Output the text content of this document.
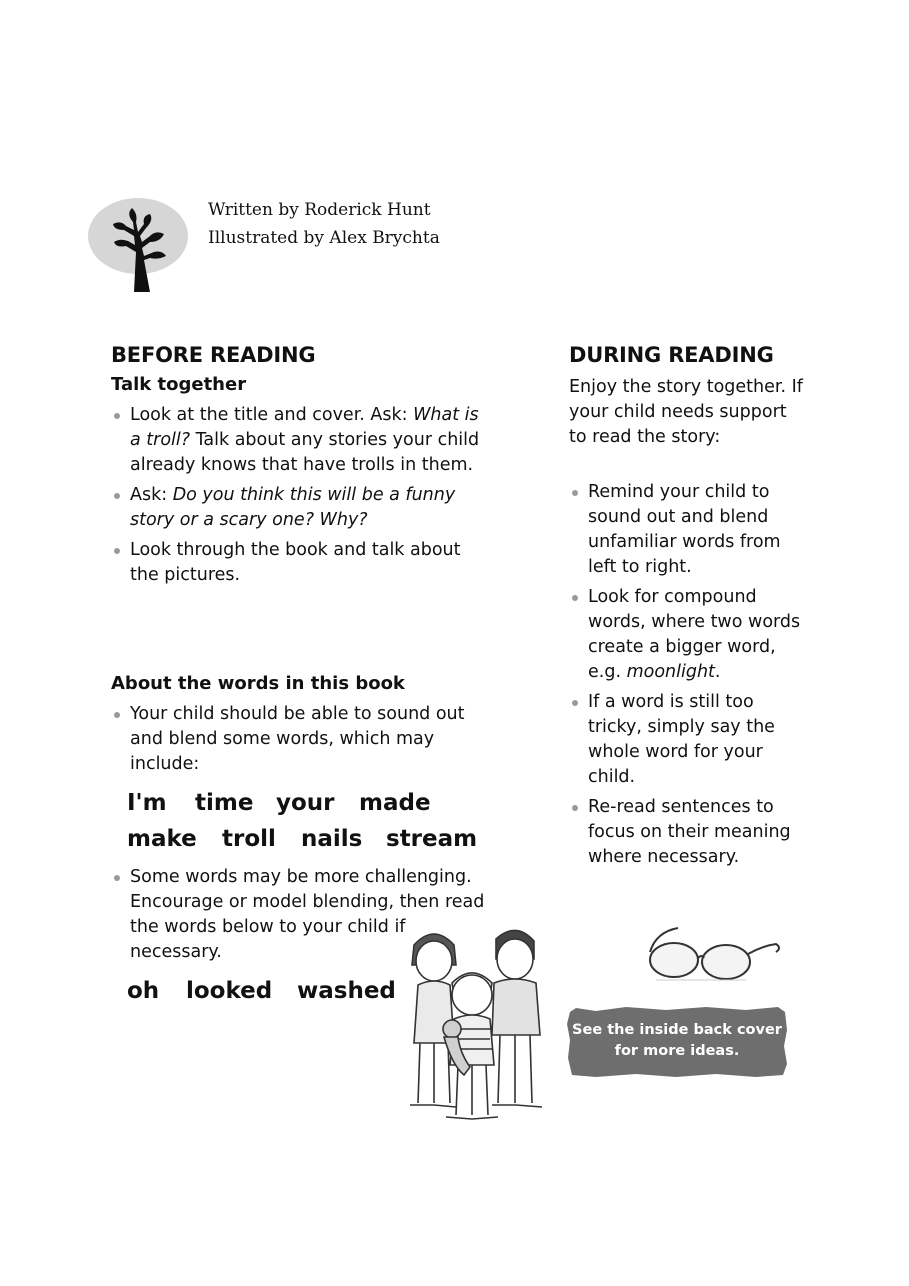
Written by Roderick Hunt
Illustrated by Alex Brychta
BEFORE READING
Talk together
Look at the title and cover. Ask: What is a troll? Talk about any stories your child already knows that have trolls in them.
Ask: Do you think this will be a funny story or a scary one? Why?
Look through the book and talk about the pictures.
About the words in this book
Your child should be able to sound out and blend some words, which may include:
I'm time your made
make troll nails stream
Some words may be more challenging. Encourage or model blending, then read the words below to your child if necessary.
oh looked washed
DURING READING
Enjoy the story together. If your child needs support to read the story:
Remind your child to sound out and blend unfamiliar words from left to right.
Look for compound words, where two words create a bigger word, e.g. moonlight.
If a word is still too tricky, simply say the whole word for your child.
Re-read sentences to focus on their meaning where necessary.
See the inside back cover
for more ideas.
